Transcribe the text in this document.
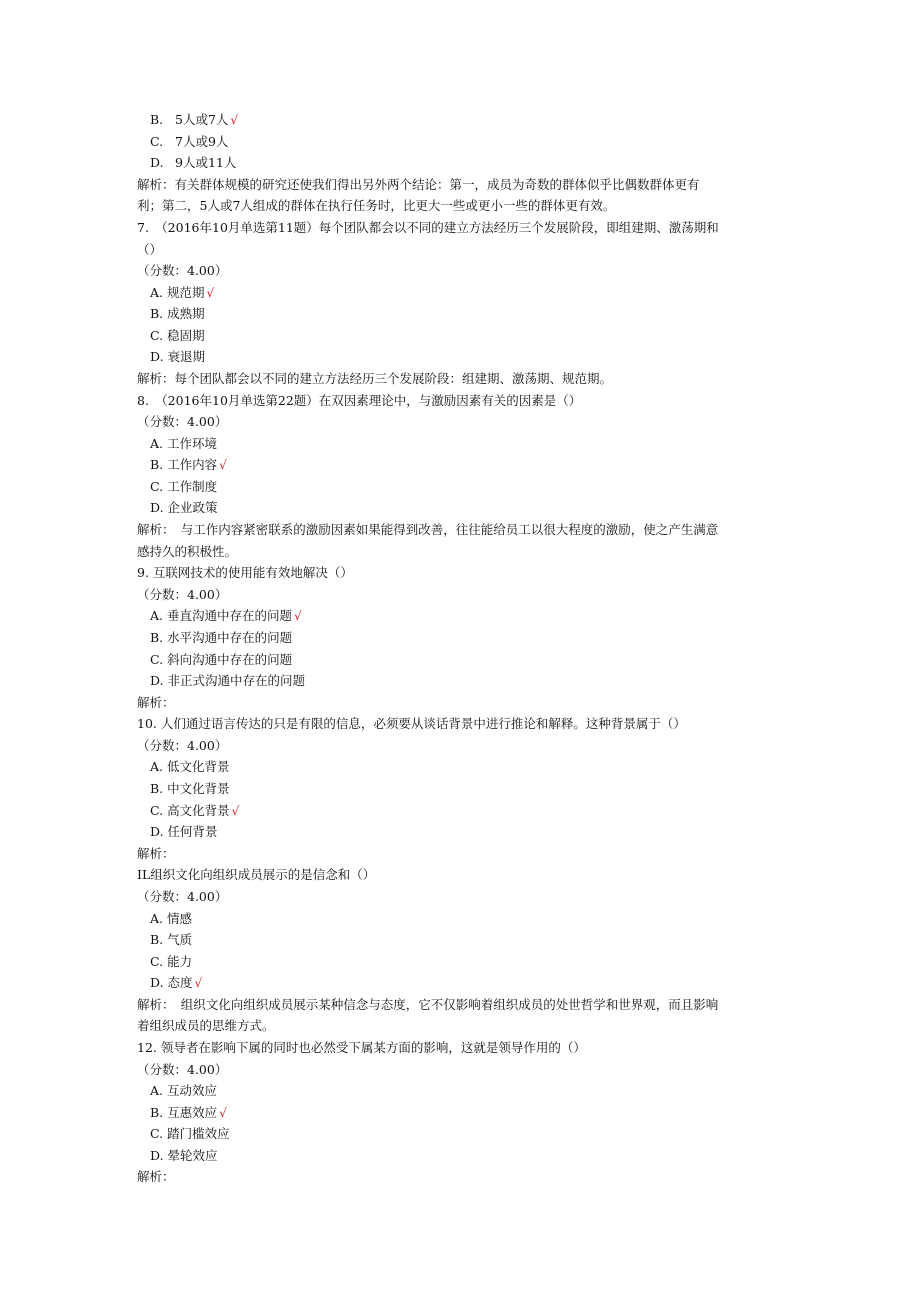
B. 5人或7人 √
C. 7人或9人
D. 9人或11人
解析：有关群体规模的研究还使我们得出另外两个结论：第一，成员为奇数的群体似乎比偶数群体更有
利；第二，5人或7人组成的群体在执行任务时，比更大一些或更小一些的群体更有效。
7.　（2016年10月单选第11题）每个团队都会以不同的建立方法经历三个发展阶段，即组建期、激荡期和
（）
（分数：4.00）
A. 规范期 √
B. 成熟期
C. 稳固期
D. 衰退期
解析：每个团队都会以不同的建立方法经历三个发展阶段：组建期、激荡期、规范期。
8.　（2016年10月单选第22题）在双因素理论中，与激励因素有关的因素是（）
（分数：4.00）
A. 工作环境
B. 工作内容 √
C. 工作制度
D. 企业政策
解析：　与工作内容紧密联系的激励因素如果能得到改善，往往能给员工以很大程度的激励，使之产生满意
感持久的积极性。
9. 互联网技术的使用能有效地解决（）
（分数：4.00）
A. 垂直沟通中存在的问题 √
B. 水平沟通中存在的问题
C. 斜向沟通中存在的问题
D. 非正式沟通中存在的问题
解析：
10. 人们通过语言传达的只是有限的信息，必须要从谈话背景中进行推论和解释。这种背景属于（）
（分数：4.00）
A. 低文化背景
B. 中文化背景
C. 高文化背景 √
D. 任何背景
解析：
IL组织文化向组织成员展示的是信念和（）
（分数：4.00）
A. 情感
B. 气质
C. 能力
D. 态度 √
解析：　组织文化向组织成员展示某种信念与态度，它不仅影响着组织成员的处世哲学和世界观，而且影响
着组织成员的思维方式。
12. 领导者在影响下属的同时也必然受下属某方面的影响，这就是领导作用的（）
（分数：4.00）
A. 互动效应
B. 互惠效应 √
C. 踏门槛效应
D. 晕轮效应
解析：
